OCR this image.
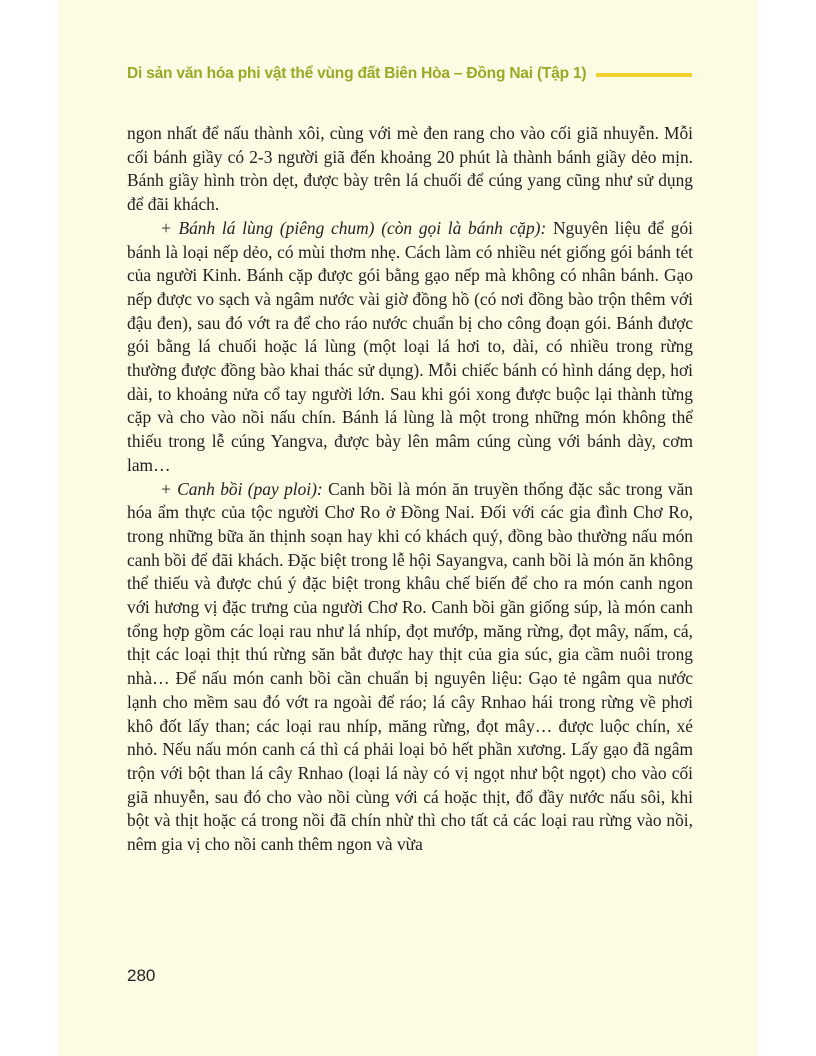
Di sản văn hóa phi vật thể vùng đất Biên Hòa – Đồng Nai (Tập 1)

ngon nhất để nấu thành xôi, cùng với mè đen rang cho vào cối giã nhuyễn. Mỗi cối bánh giầy có 2-3 người giã đến khoảng 20 phút là thành bánh giầy dẻo mịn. Bánh giầy hình tròn dẹt, được bày trên lá chuối để cúng yang cũng như sử dụng để đãi khách.

+ Bánh lá lùng (piêng chum) (còn gọi là bánh cặp): Nguyên liệu để gói bánh là loại nếp dẻo, có mùi thơm nhẹ. Cách làm có nhiều nét giống gói bánh tét của người Kinh. Bánh cặp được gói bằng gạo nếp mà không có nhân bánh. Gạo nếp được vo sạch và ngâm nước vài giờ đồng hồ (có nơi đồng bào trộn thêm với đậu đen), sau đó vớt ra để cho ráo nước chuẩn bị cho công đoạn gói. Bánh được gói bằng lá chuối hoặc lá lùng (một loại lá hơi to, dài, có nhiều trong rừng thường được đồng bào khai thác sử dụng). Mỗi chiếc bánh có hình dáng dẹp, hơi dài, to khoảng nửa cổ tay người lớn. Sau khi gói xong được buộc lại thành từng cặp và cho vào nồi nấu chín. Bánh lá lùng là một trong những món không thể thiếu trong lễ cúng Yangva, được bày lên mâm cúng cùng với bánh dày, cơm lam…

+ Canh bồi (pay ploi): Canh bồi là món ăn truyền thống đặc sắc trong văn hóa ẩm thực của tộc người Chơ Ro ở Đồng Nai. Đối với các gia đình Chơ Ro, trong những bữa ăn thịnh soạn hay khi có khách quý, đồng bào thường nấu món canh bồi để đãi khách. Đặc biệt trong lễ hội Sayangva, canh bồi là món ăn không thể thiếu và được chú ý đặc biệt trong khâu chế biến để cho ra món canh ngon với hương vị đặc trưng của người Chơ Ro. Canh bồi gần giống súp, là món canh tổng hợp gồm các loại rau như lá nhíp, đọt mướp, măng rừng, đọt mây, nấm, cá, thịt các loại thịt thú rừng săn bắt được hay thịt của gia súc, gia cầm nuôi trong nhà… Để nấu món canh bồi cần chuẩn bị nguyên liệu: Gạo tẻ ngâm qua nước lạnh cho mềm sau đó vớt ra ngoài để ráo; lá cây Rnhao hái trong rừng về phơi khô đốt lấy than; các loại rau nhíp, măng rừng, đọt mây… được luộc chín, xé nhỏ. Nếu nấu món canh cá thì cá phải loại bỏ hết phần xương. Lấy gạo đã ngâm trộn với bột than lá cây Rnhao (loại lá này có vị ngọt như bột ngọt) cho vào cối giã nhuyễn, sau đó cho vào nồi cùng với cá hoặc thịt, đổ đầy nước nấu sôi, khi bột và thịt hoặc cá trong nồi đã chín nhừ thì cho tất cả các loại rau rừng vào nồi, nêm gia vị cho nồi canh thêm ngon và vừa

280
